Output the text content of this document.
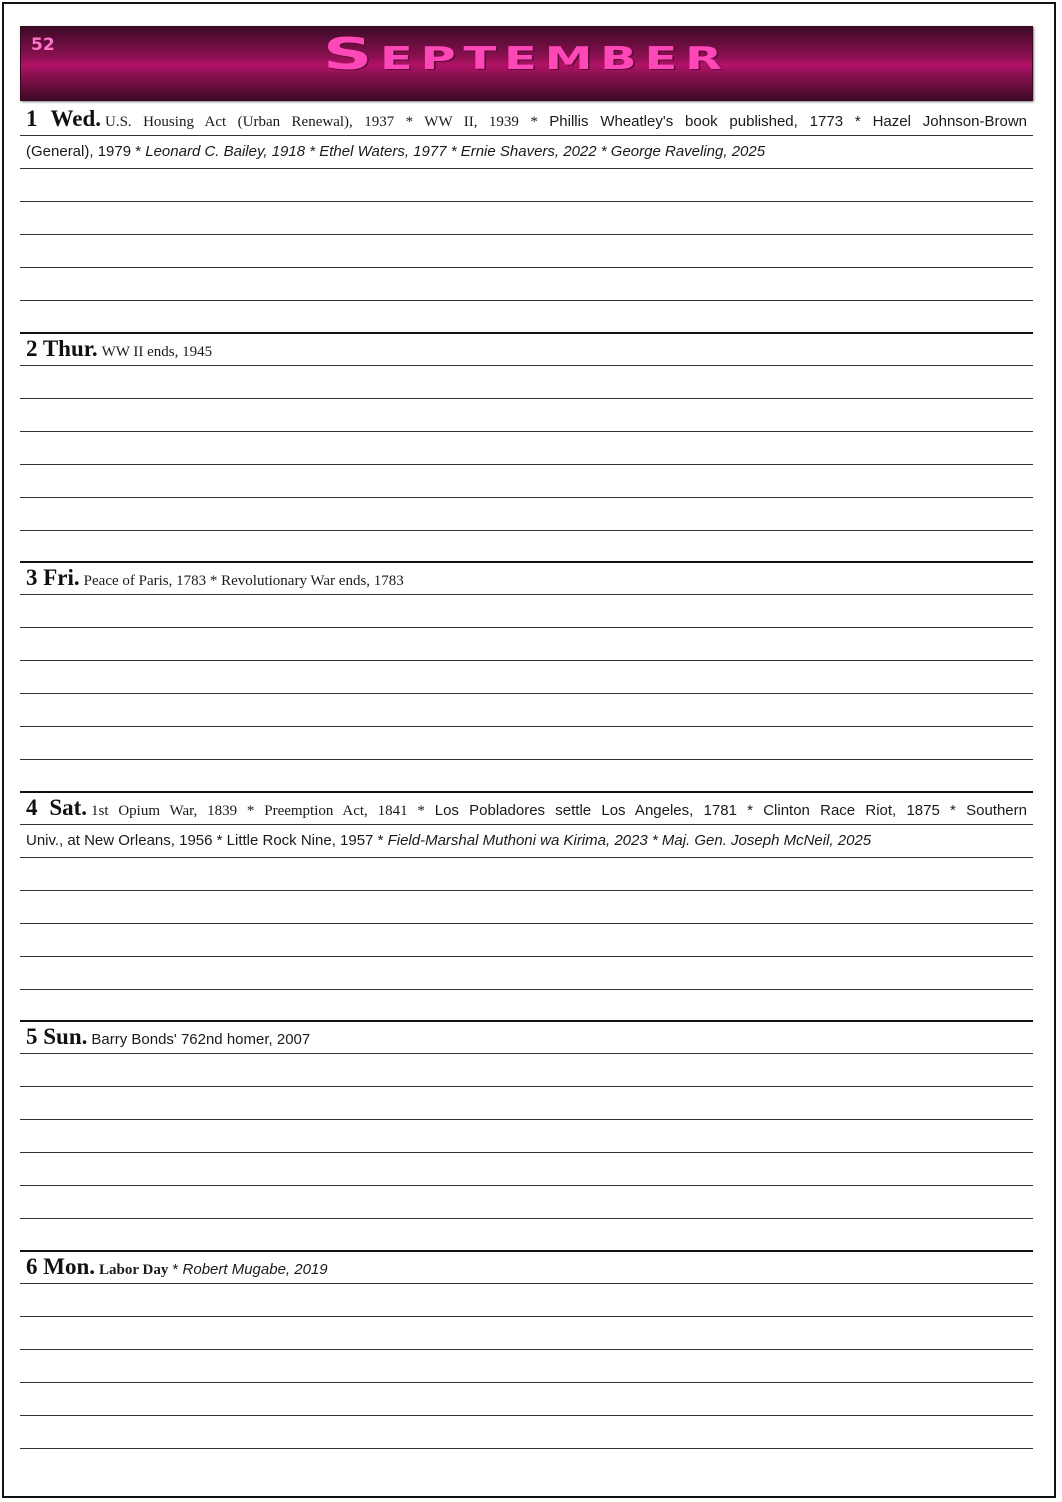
52	September
1 Wed. U.S. Housing Act (Urban Renewal), 1937 * WW II, 1939 * Phillis Wheatley's book published, 1773 * Hazel Johnson-Brown
(General), 1979 * Leonard C. Bailey, 1918 * Ethel Waters, 1977 * Ernie Shavers, 2022 * George Raveling, 2025
2 Thur. WW II ends, 1945
3 Fri. Peace of Paris, 1783 * Revolutionary War ends, 1783
4 Sat. 1st Opium War, 1839 * Preemption Act, 1841 * Los Pobladores settle Los Angeles, 1781 * Clinton Race Riot, 1875 * Southern
Univ., at New Orleans, 1956 * Little Rock Nine, 1957 * Field-Marshal Muthoni wa Kirima, 2023 * Maj. Gen. Joseph McNeil, 2025
5 Sun. Barry Bonds' 762nd homer, 2007
6 Mon. Labor Day * Robert Mugabe, 2019
